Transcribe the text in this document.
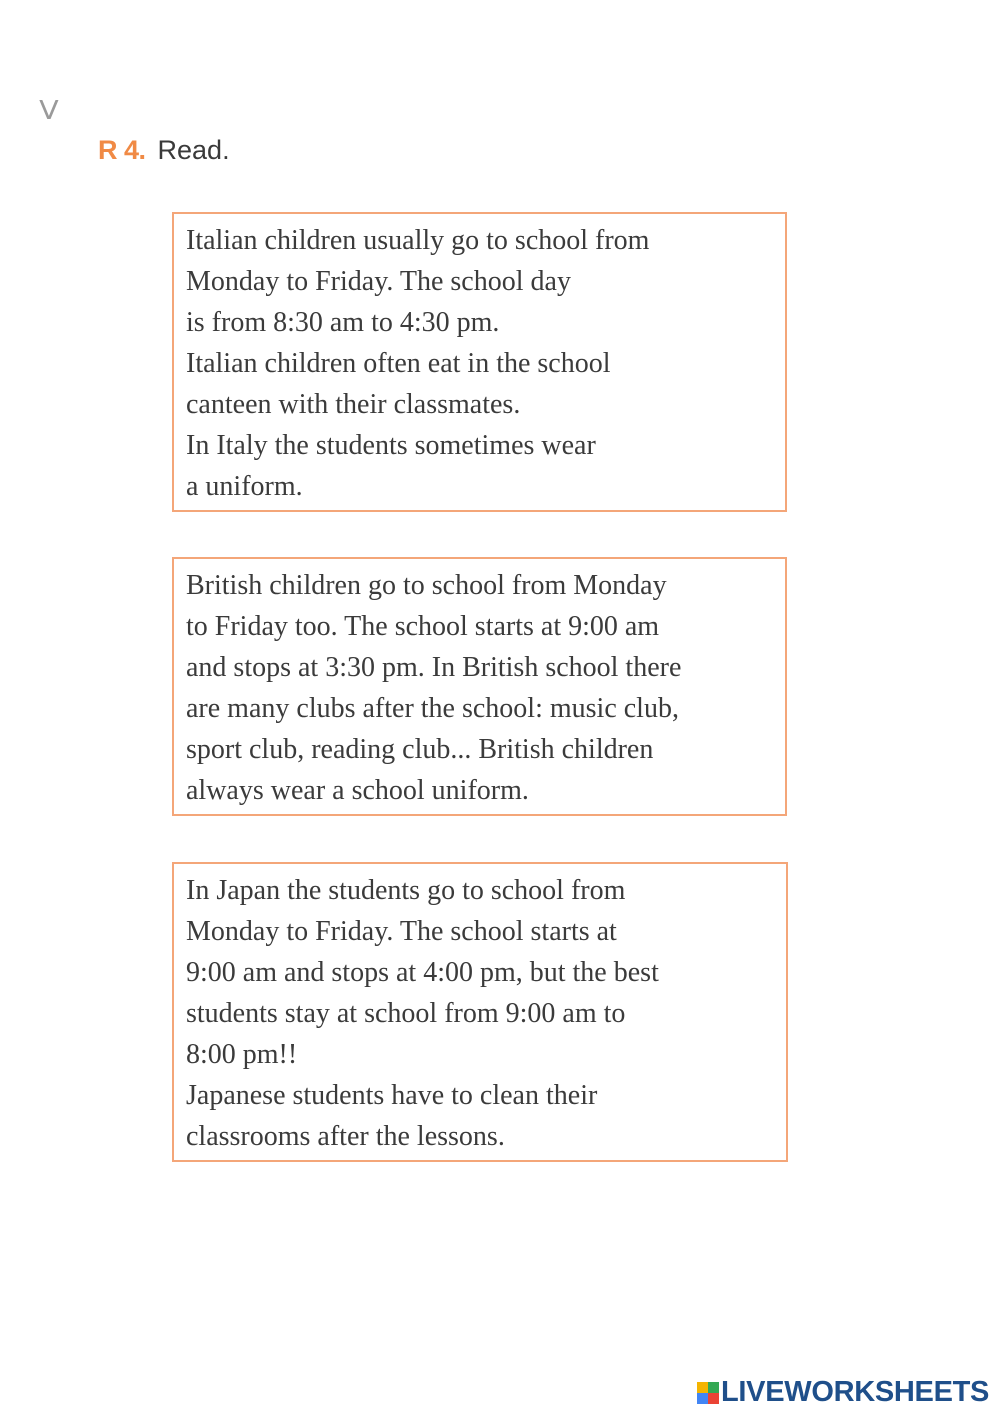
V
R 4. Read.

Italian children usually go to school from

Monday to Friday. The school day

is from 8:30 am to 4:30 pm.

Italian children often eat in the school

canteen with their classmates.

In Italy the students sometimes wear

a uniform.

British children go to school from Monday

to Friday too. The school starts at 9:00 am

and stops at 3:30 pm. In British school there

are many clubs after the school: music club,

sport club, reading club... British children

always wear a school uniform.

In Japan the students go to school from

Monday to Friday. The school starts at

9:00 am and stops at 4:00 pm, but the best

students stay at school from 9:00 am to

8:00 pm!!

Japanese students have to clean their

classrooms after the lessons.

LIVEWORKSHEETS
